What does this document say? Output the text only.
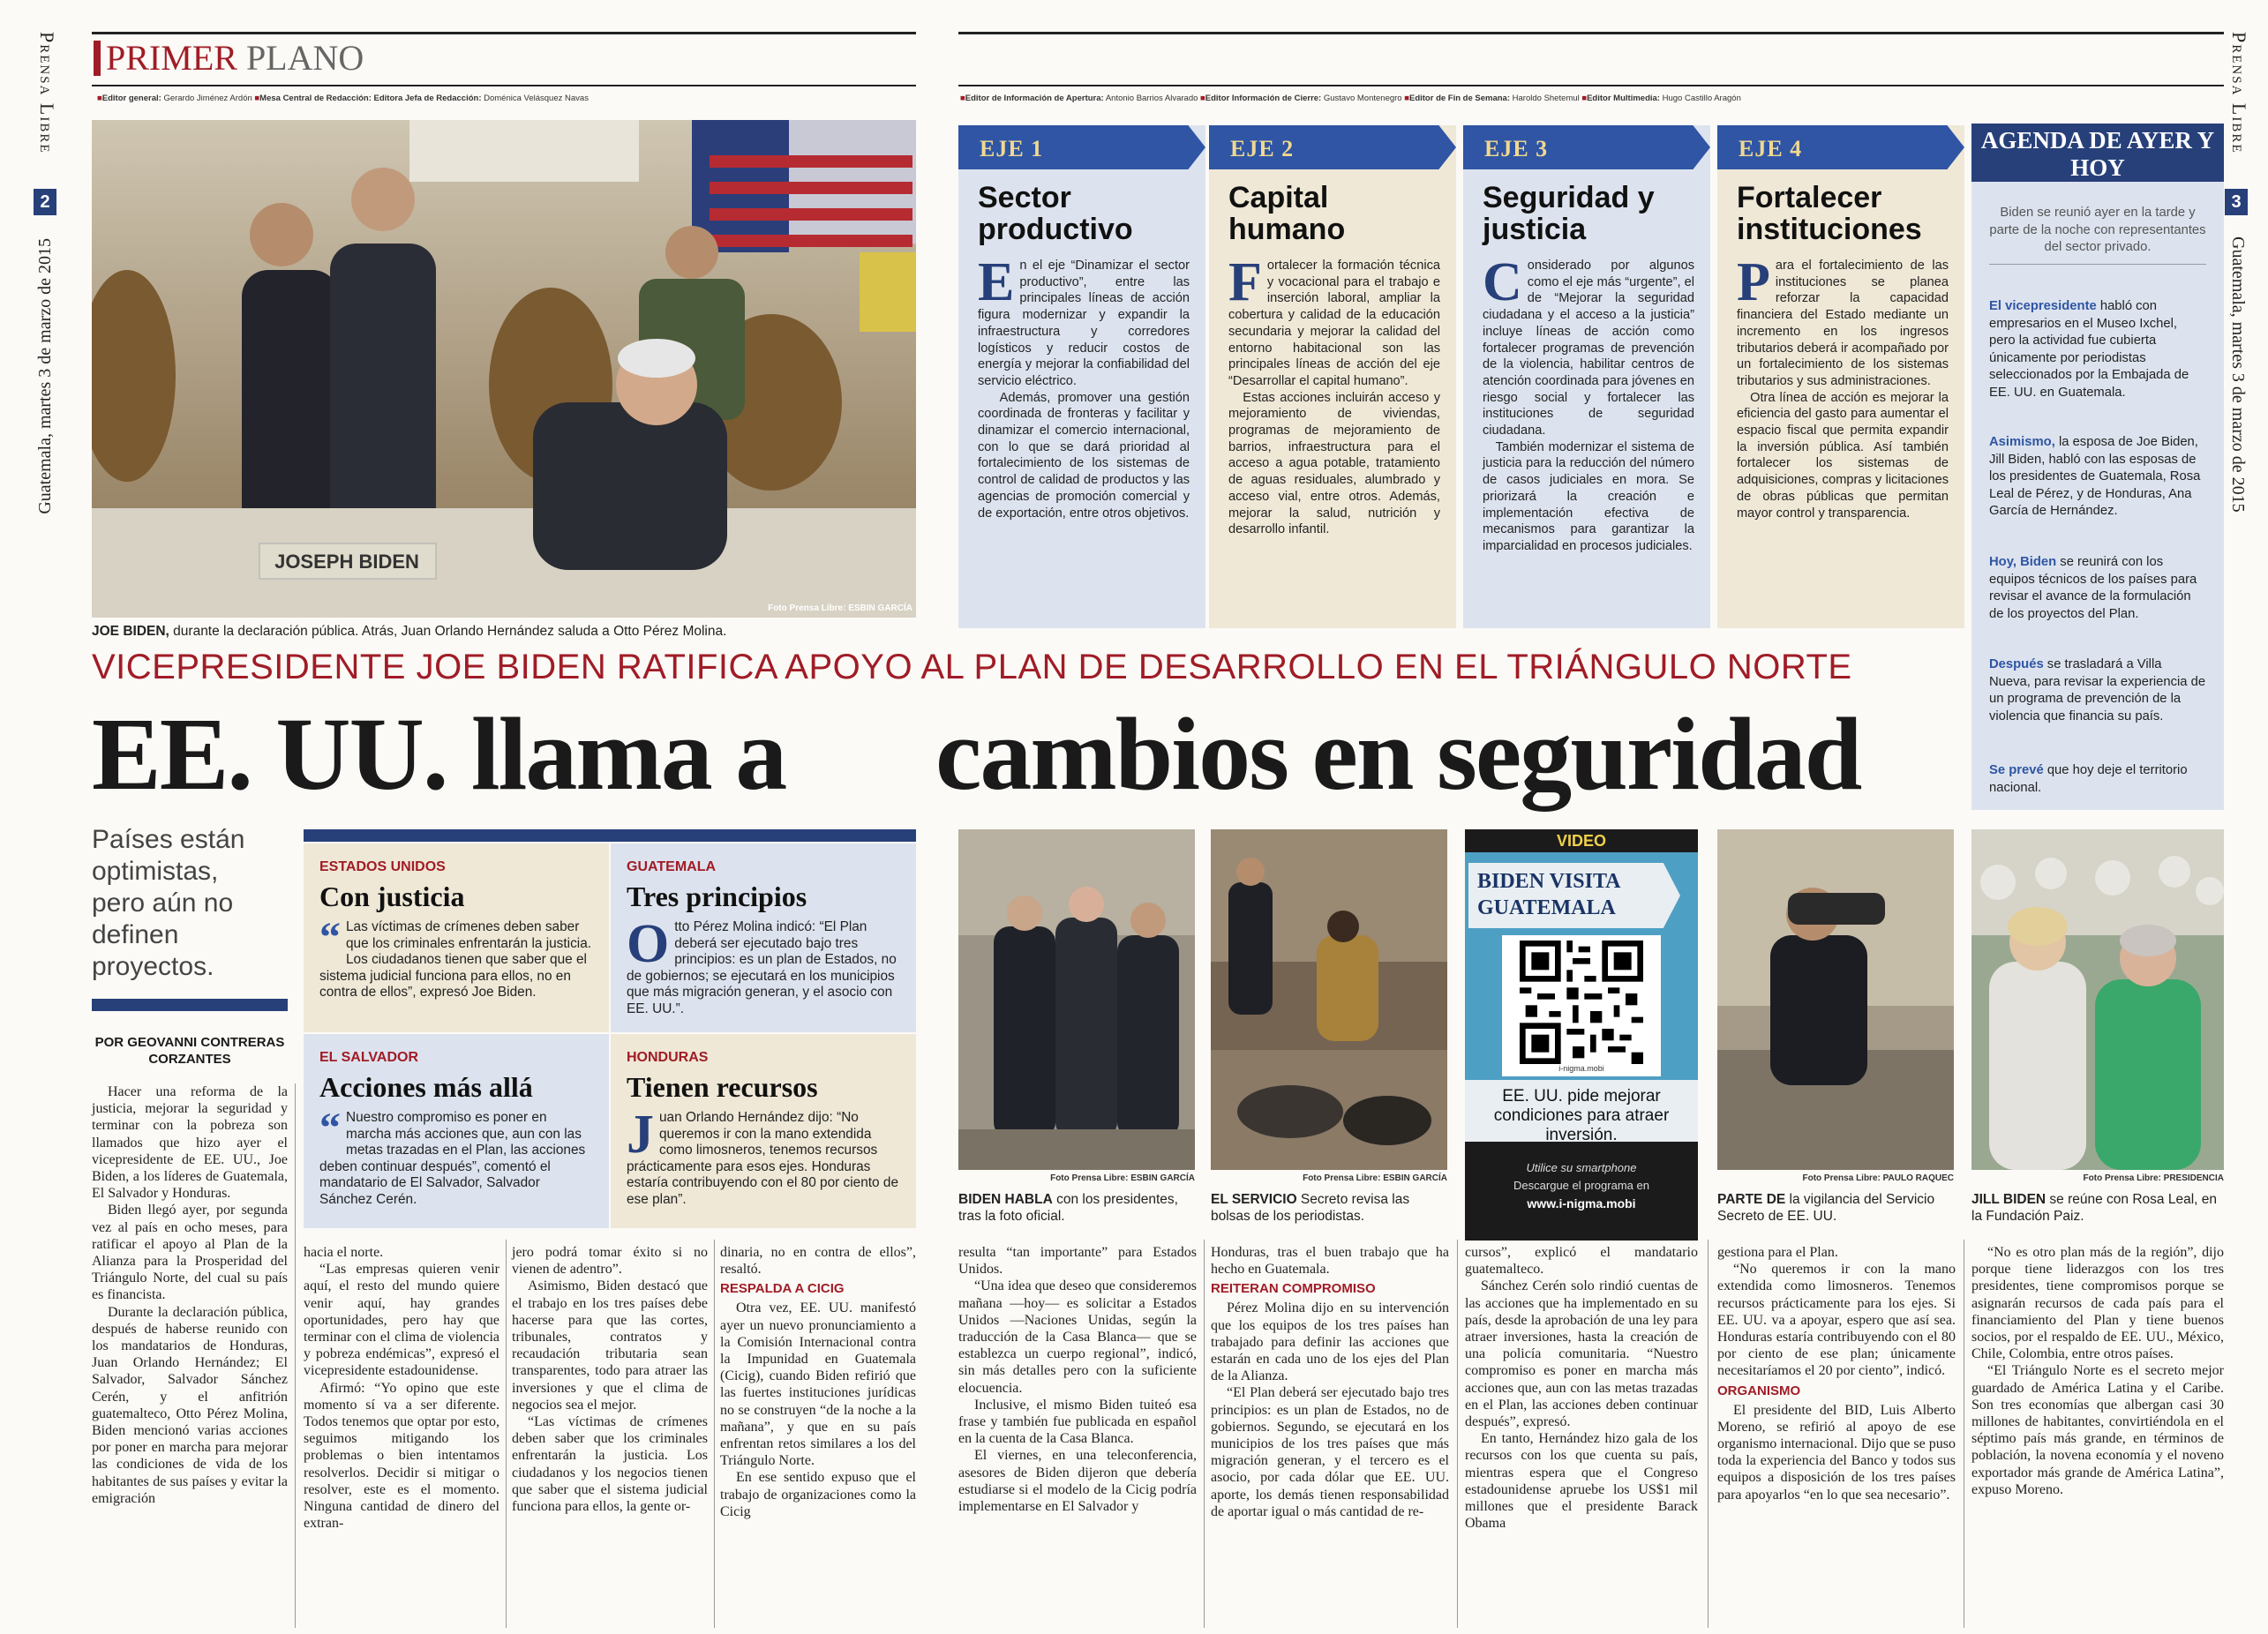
Prensa Libre
2
Guatemala, martes 3 de marzo de 2015
Prensa Libre
3
Guatemala, martes 3 de marzo de 2015
PRIMER PLANO
■Editor general: Gerardo Jiménez Ardón ■Mesa Central de Redacción: Editora Jefa de Redacción: Doménica Velásquez Navas	■Editor de Información de Apertura: Antonio Barrios Alvarado ■Editor Información de Cierre: Gustavo Montenegro ■Editor de Fin de Semana: Haroldo Shetemul ■Editor Multimedia: Hugo Castillo Aragón
JOSEPH BIDEN
Foto Prensa Libre: ESBIN GARCÍA
JOE BIDEN, durante la declaración pública. Atrás, Juan Orlando Hernández saluda a Otto Pérez Molina.
EJE 1
Sector productivo
En el eje “Dinamizar el sector productivo”, entre las principales líneas de acción figura modernizar y expandir la infraestructura y corredores logísticos y reducir costos de energía y mejorar la confiabilidad del servicio eléctrico.
Además, promover una gestión coordinada de fronteras y facilitar y dinamizar el comercio internacional, con lo que se dará prioridad al fortalecimiento de los sistemas de control de calidad de productos y las agencias de promoción comercial y de exportación, entre otros objetivos.
EJE 2
Capital humano
Fortalecer la formación técnica y vocacional para el trabajo e inserción laboral, ampliar la cobertura y calidad de la educación secundaria y mejorar la calidad del entorno habitacional son las principales líneas de acción del eje “Desarrollar el capital humano”.
Estas acciones incluirán acceso y mejoramiento de viviendas, programas de mejoramiento de barrios, infraestructura para el acceso a agua potable, tratamiento de aguas residuales, alumbrado y acceso vial, entre otros. Además, mejorar la salud, nutrición y desarrollo infantil.
EJE 3
Seguridad y justicia
Considerado por algunos como el eje más “urgente”, el de “Mejorar la seguridad ciudadana y el acceso a la justicia” incluye líneas de acción como fortalecer programas de prevención de la violencia, habilitar centros de atención coordinada para jóvenes en riesgo social y fortalecer las instituciones de seguridad ciudadana.
También modernizar el sistema de justicia para la reducción del número de casos judiciales en mora. Se priorizará la creación e implementación efectiva de mecanismos para garantizar la imparcialidad en procesos judiciales.
EJE 4
Fortalecer instituciones
Para el fortalecimiento de las instituciones se planea reforzar la capacidad financiera del Estado mediante un incremento en los ingresos tributarios deberá ir acompañado por un fortalecimiento de los sistemas tributarios y sus administraciones.
Otra línea de acción es mejorar la eficiencia del gasto para aumentar el espacio fiscal que permita expandir la inversión pública. Así también fortalecer los sistemas de adquisiciones, compras y licitaciones de obras públicas que permitan mayor control y transparencia.
AGENDA DE AYER Y HOY
Biden se reunió ayer en la tarde y parte de la noche con representantes del sector privado.
El vicepresidente habló con empresarios en el Museo Ixchel, pero la actividad fue cubierta únicamente por periodistas seleccionados por la Embajada de EE. UU. en Guatemala.
Asimismo, la esposa de Joe Biden, Jill Biden, habló con las esposas de los presidentes de Guatemala, Rosa Leal de Pérez, y de Honduras, Ana García de Hernández.
Hoy, Biden se reunirá con los equipos técnicos de los países para revisar el avance de la formulación de los proyectos del Plan.
Después se trasladará a Villa Nueva, para revisar la experiencia de un programa de prevención de la violencia que financia su país.
Se prevé que hoy deje el territorio nacional.
VICEPRESIDENTE JOE BIDEN RATIFICA APOYO AL PLAN DE DESARROLLO EN EL TRIÁNGULO NORTE
EE. UU. llama a cambios en seguridad
Países están optimistas, pero aún no definen proyectos.
POR GEOVANNI CONTRERAS CORZANTES
ESTADOS UNIDOS
Con justicia
“ Las víctimas de crímenes deben saber que los criminales enfrentarán la justicia. Los ciudadanos tienen que saber que el sistema judicial funciona para ellos, no en contra de ellos”, expresó Joe Biden.
GUATEMALA
Tres principios
Otto Pérez Molina indicó: “El Plan deberá ser ejecutado bajo tres principios: es un plan de Estados, no de gobiernos; se ejecutará en los municipios que más migración generan, y el asocio con EE. UU.”.
EL SALVADOR
Acciones más allá
“ Nuestro compromiso es poner en marcha más acciones que, aun con las metas trazadas en el Plan, las acciones deben continuar después”, comentó el mandatario de El Salvador, Salvador Sánchez Cerén.
HONDURAS
Tienen recursos
Juan Orlando Hernández dijo: “No queremos ir con la mano extendida como limosneros, tenemos recursos prácticamente para esos ejes. Honduras estaría contribuyendo con el 80 por ciento de ese plan”.
Foto Prensa Libre: ESBIN GARCÍA
BIDEN HABLA con los presidentes, tras la foto oficial.
Foto Prensa Libre: ESBIN GARCÍA
EL SERVICIO Secreto revisa las bolsas de los periodistas.
VIDEO
BIDEN VISITA GUATEMALA
i-nigma.mobi
EE. UU. pide mejorar condiciones para atraer inversión.
Utilice su smartphone
Descargue el programa en
www.i-nigma.mobi
Foto Prensa Libre: PAULO RAQUEC
PARTE DE la vigilancia del Servicio Secreto de EE. UU.
Foto Prensa Libre: PRESIDENCIA
JILL BIDEN se reúne con Rosa Leal, en la Fundación Paiz.

Hacer una reforma de la justicia, mejorar la seguridad y terminar con la pobreza son llamados que hizo ayer el vicepresidente de EE. UU., Joe Biden, a los líderes de Guatemala, El Salvador y Honduras.

Biden llegó ayer, por segunda vez al país en ocho meses, para ratificar el apoyo al Plan de la Alianza para la Prosperidad del Triángulo Norte, del cual su país es financista.

Durante la declaración pública, después de haberse reunido con los mandatarios de Honduras, Juan Orlando Hernández; El Salvador, Salvador Sánchez Cerén, y el anfitrión guatemalteco, Otto Pérez Molina, Biden mencionó varias acciones por poner en marcha para mejorar las condiciones de vida de los habitantes de sus países y evitar la emigración

hacia el norte.

“Las empresas quieren venir aquí, el resto del mundo quiere venir aquí, hay grandes oportunidades, pero hay que terminar con el clima de violencia y pobreza endémicas”, expresó el vicepresidente estadounidense.

Afirmó: “Yo opino que este momento sí va a ser diferente. Todos tenemos que optar por esto, seguimos mitigando los problemas o bien intentamos resolverlos. Decidir si mitigar o resolver, este es el momento. Ninguna cantidad de dinero del extran-

jero podrá tomar éxito si no vienen de adentro”.

Asimismo, Biden destacó que el trabajo en los tres países debe hacerse para que las cortes, tribunales, contratos y recaudación tributaria sean transparentes, todo para atraer las inversiones y que el clima de negocios sea el mejor.

“Las víctimas de crímenes deben saber que los criminales enfrentarán la justicia. Los ciudadanos y los negocios tienen que saber que el sistema judicial funciona para ellos, la gente or-

dinaria, no en contra de ellos”, resaltó.

RESPALDA A CICIG

Otra vez, EE. UU. manifestó ayer un nuevo pronunciamiento a la Comisión Internacional contra la Impunidad en Guatemala (Cicig), cuando Biden refirió que las fuertes instituciones jurídicas no se construyen “de la noche a la mañana”, y que en su país enfrentan retos similares a los del Triángulo Norte.

En ese sentido expuso que el trabajo de organizaciones como la Cicig

resulta “tan importante” para Estados Unidos.

“Una idea que deseo que consideremos mañana —hoy— es solicitar a Estados Unidos —Naciones Unidas, según la traducción de la Casa Blanca— que se establezca un cuerpo regional”, indicó, sin más detalles pero con la suficiente elocuencia.

Inclusive, el mismo Biden tuiteó esa frase y también fue publicada en español en la cuenta de la Casa Blanca.

El viernes, en una teleconferencia, asesores de Biden dijeron que debería estudiarse si el modelo de la Cicig podría implementarse en El Salvador y

Honduras, tras el buen trabajo que ha hecho en Guatemala.

REITERAN COMPROMISO

Pérez Molina dijo en su intervención que los equipos de los tres países han trabajado para definir las acciones que estarán en cada uno de los ejes del Plan de la Alianza.

“El Plan deberá ser ejecutado bajo tres principios: es un plan de Estados, no de gobiernos. Segundo, se ejecutará en los municipios de los tres países que más migración generan, y el tercero es el asocio, por cada dólar que EE. UU. aporte, los demás tienen responsabilidad de aportar igual o más cantidad de re-

cursos”, explicó el mandatario guatemalteco.

Sánchez Cerén solo rindió cuentas de las acciones que ha implementado en su país, desde la aprobación de una ley para atraer inversiones, hasta la creación de una policía comunitaria. “Nuestro compromiso es poner en marcha más acciones que, aun con las metas trazadas en el Plan, las acciones deben continuar después”, expresó.

En tanto, Hernández hizo gala de los recursos con los que cuenta su país, mientras espera que el Congreso estadounidense apruebe los US$1 mil millones que el presidente Barack Obama

gestiona para el Plan.

“No queremos ir con la mano extendida como limosneros. Tenemos recursos prácticamente para los ejes. Si EE. UU. va a apoyar, espero que así sea. Honduras estaría contribuyendo con el 80 por ciento de ese plan; únicamente necesitaríamos el 20 por ciento”, indicó.

ORGANISMO

El presidente del BID, Luis Alberto Moreno, se refirió al apoyo de ese organismo internacional. Dijo que se puso toda la experiencia del Banco y todos sus equipos a disposición de los tres países para apoyarlos “en lo que sea necesario”.

“No es otro plan más de la región”, dijo porque tiene liderazgos con los tres presidentes, tiene compromisos porque se asignarán recursos de cada país para el financiamiento del Plan y tiene buenos socios, por el respaldo de EE. UU., México, Chile, Colombia, entre otros países.

“El Triángulo Norte es el secreto mejor guardado de América Latina y el Caribe. Son tres economías que albergan casi 30 millones de habitantes, convirtiéndola en el séptimo país más grande, en términos de población, la novena economía y el noveno exportador más grande de América Latina”, expuso Moreno.
